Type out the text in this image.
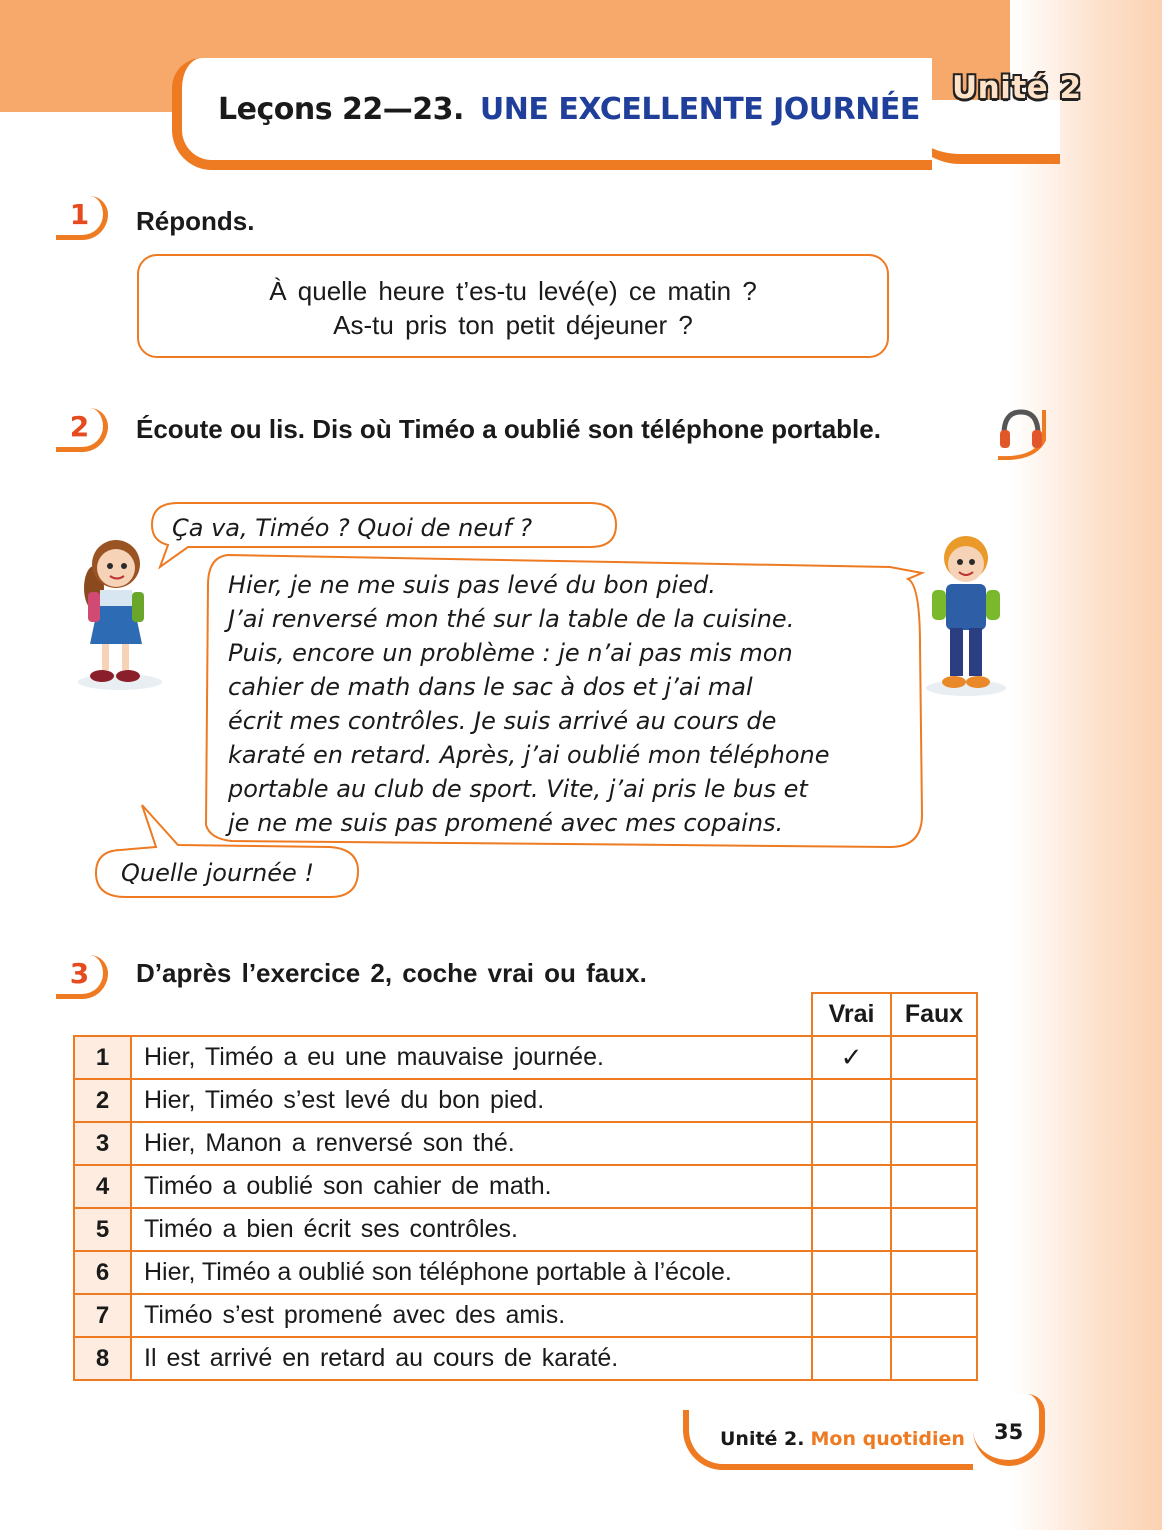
Leçons 22—23. UNE EXCELLENTE JOURNÉE
Unité 2
1	Réponds.
À quelle heure t’es-tu levé(e) ce matin ?
As-tu pris ton petit déjeuner ?
2	Écoute ou lis. Dis où Timéo a oublié son téléphone portable.
Ça va, Timéo ? Quoi de neuf ?
Hier, je ne me suis pas levé du bon pied.
J’ai renversé mon thé sur la table de la cuisine.
Puis, encore un problème : je n’ai pas mis mon
cahier de math dans le sac à dos et j’ai mal
écrit mes contrôles. Je suis arrivé au cours de
karaté en retard. Après, j’ai oublié mon téléphone
portable au club de sport. Vite, j’ai pris le bus et
je ne me suis pas promené avec mes copains.
Quelle journée !
3	D’après l’exercice 2, coche vrai ou faux.
		Vrai	Faux
1	Hier, Timéo a eu une mauvaise journée.	✓	
2	Hier, Timéo s’est levé du bon pied.		
3	Hier, Manon a renversé son thé.		
4	Timéo a oublié son cahier de math.		
5	Timéo a bien écrit ses contrôles.		
6	Hier, Timéo a oublié son téléphone portable à l’école.		
7	Timéo s’est promené avec des amis.		
8	Il est arrivé en retard au cours de karaté.		
Unité 2. Mon quotidien 35
